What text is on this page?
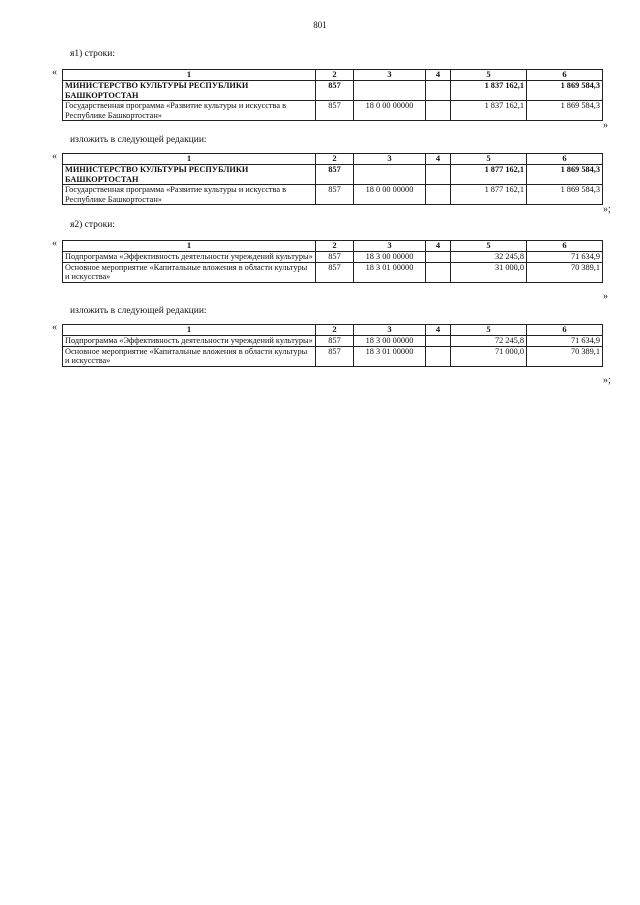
801
я1) строки:
«	1	2	3	4	5	6
МИНИСТЕРСТВО КУЛЬТУРЫ РЕСПУБЛИКИ БАШКОРТОСТАН	857			1 837 162,1	1 869 584,3
Государственная программа «Развитие культуры и искусства в Республике Башкортостан»	857	18 0 00 00000		1 837 162,1	1 869 584,3
»
изложить в следующей редакции:
«	1	2	3	4	5	6
МИНИСТЕРСТВО КУЛЬТУРЫ РЕСПУБЛИКИ БАШКОРТОСТАН	857			1 877 162,1	1 869 584,3
Государственная программа «Развитие культуры и искусства в Республике Башкортостан»	857	18 0 00 00000		1 877 162,1	1 869 584,3
»;
я2) строки:
«	1	2	3	4	5	6
Подпрограмма «Эффективность деятельности учреждений культуры»	857	18 3 00 00000		32 245,8	71 634,9
Основное мероприятие «Капитальные вложения в области культуры и искусства»	857	18 3 01 00000		31 000,0	70 389,1
»
изложить в следующей редакции:
«	1	2	3	4	5	6
Подпрограмма «Эффективность деятельности учреждений культуры»	857	18 3 00 00000		72 245,8	71 634,9
Основное мероприятие «Капитальные вложения в области культуры и искусства»	857	18 3 01 00000		71 000,0	70 389,1
»;
